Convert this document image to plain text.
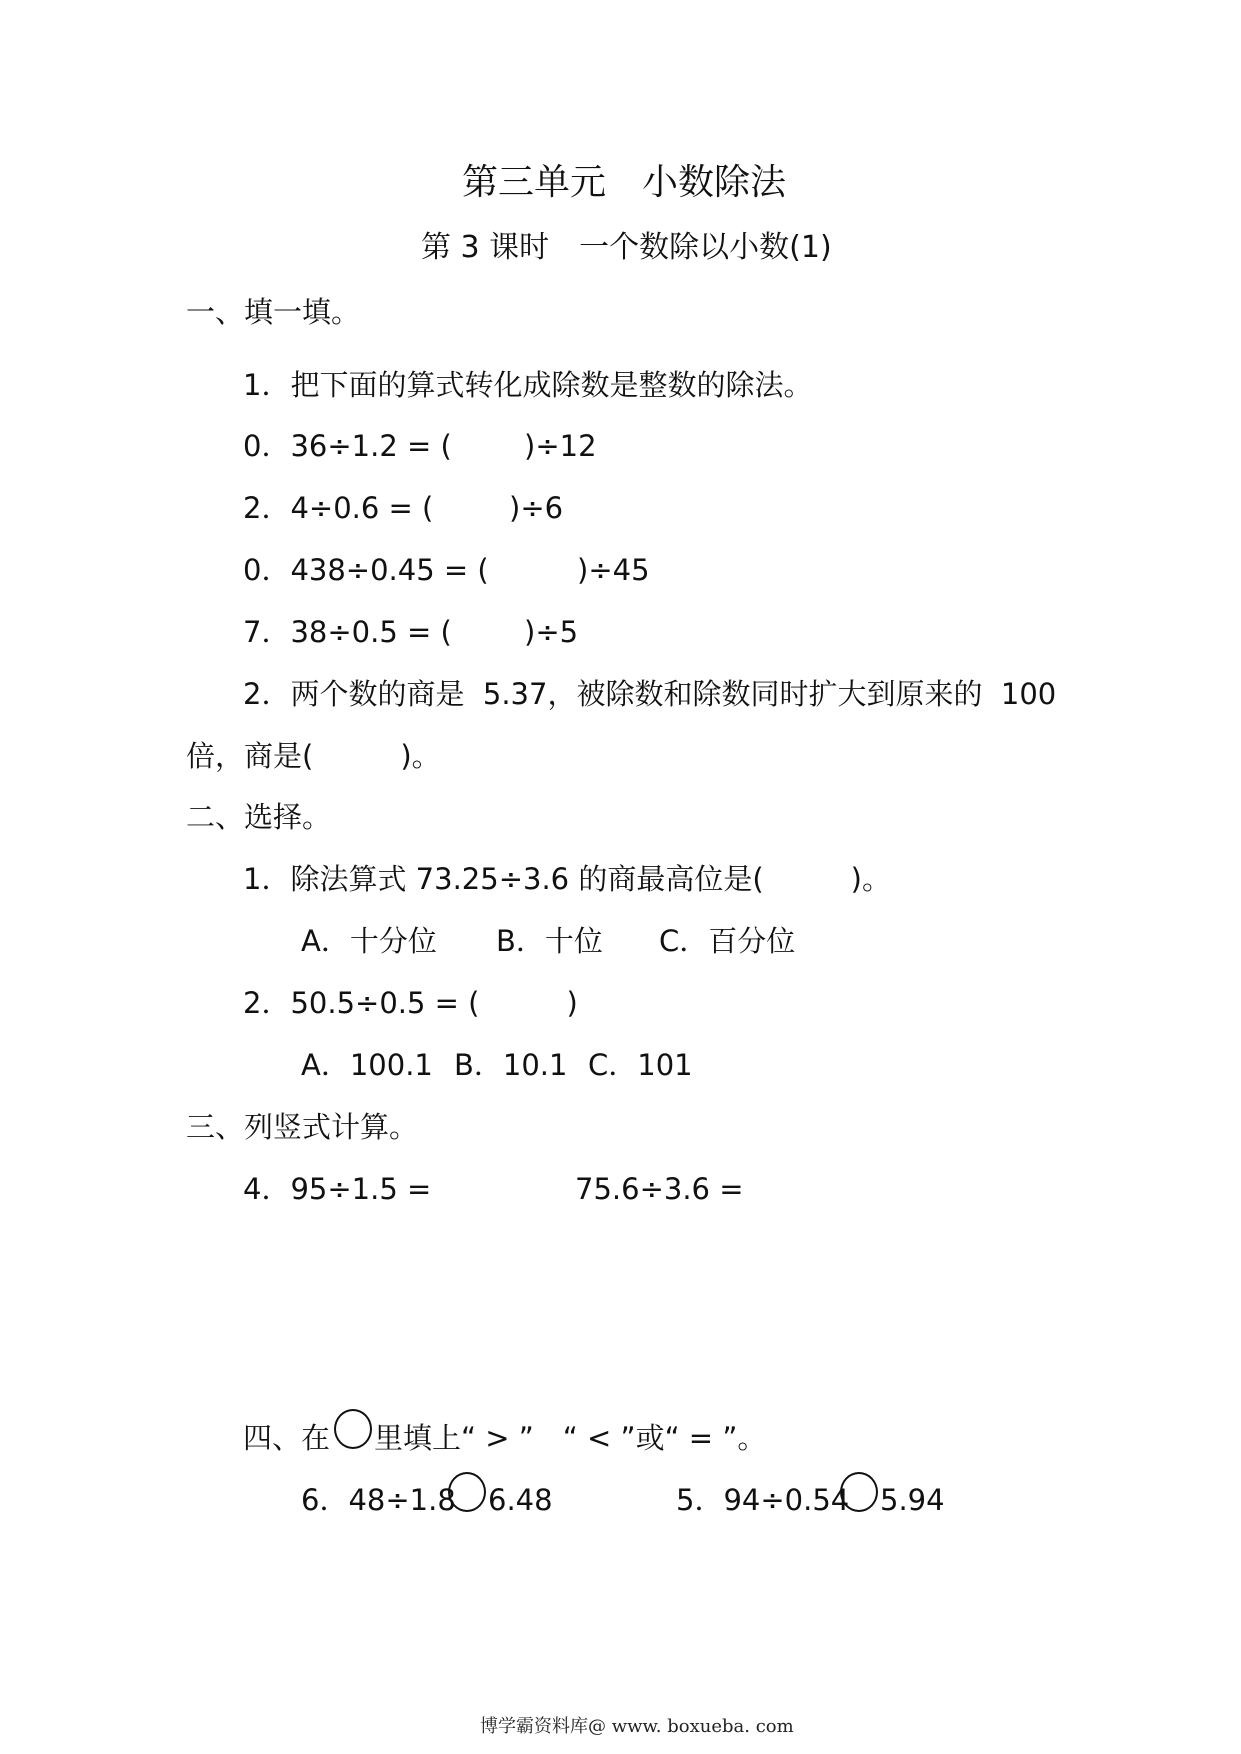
第三单元　小数除法
第 3 课时　一个数除以小数(1)
一、填一填。
1．把下面的算式转化成除数是整数的除法。
0．36÷1.2 = ( )÷12
2．4÷0.6 = (	)÷6
0．438÷0.45 = (	)÷45
7．38÷0.5 = ( )÷5
2．两个数的商是  5.37，被除数和除数同时扩大到原来的  100
倍，商是(　　　)。
二、选择。
1．除法算式 73.25÷3.6 的商最高位是(　　　)。
A．十分位 B．十位 C．百分位
2．50.5÷0.5 = (　　　)
A．100.1 B．10.1 C．101
三、列竖式计算。
4．95÷1.5 =	75.6÷3.6 =
四、在 里填上“ > ”　“ < ”或“ = ”。
6．48÷1.8 6.48	5．94÷0.54 5.94
博学霸资料库@ www. boxueba. com
